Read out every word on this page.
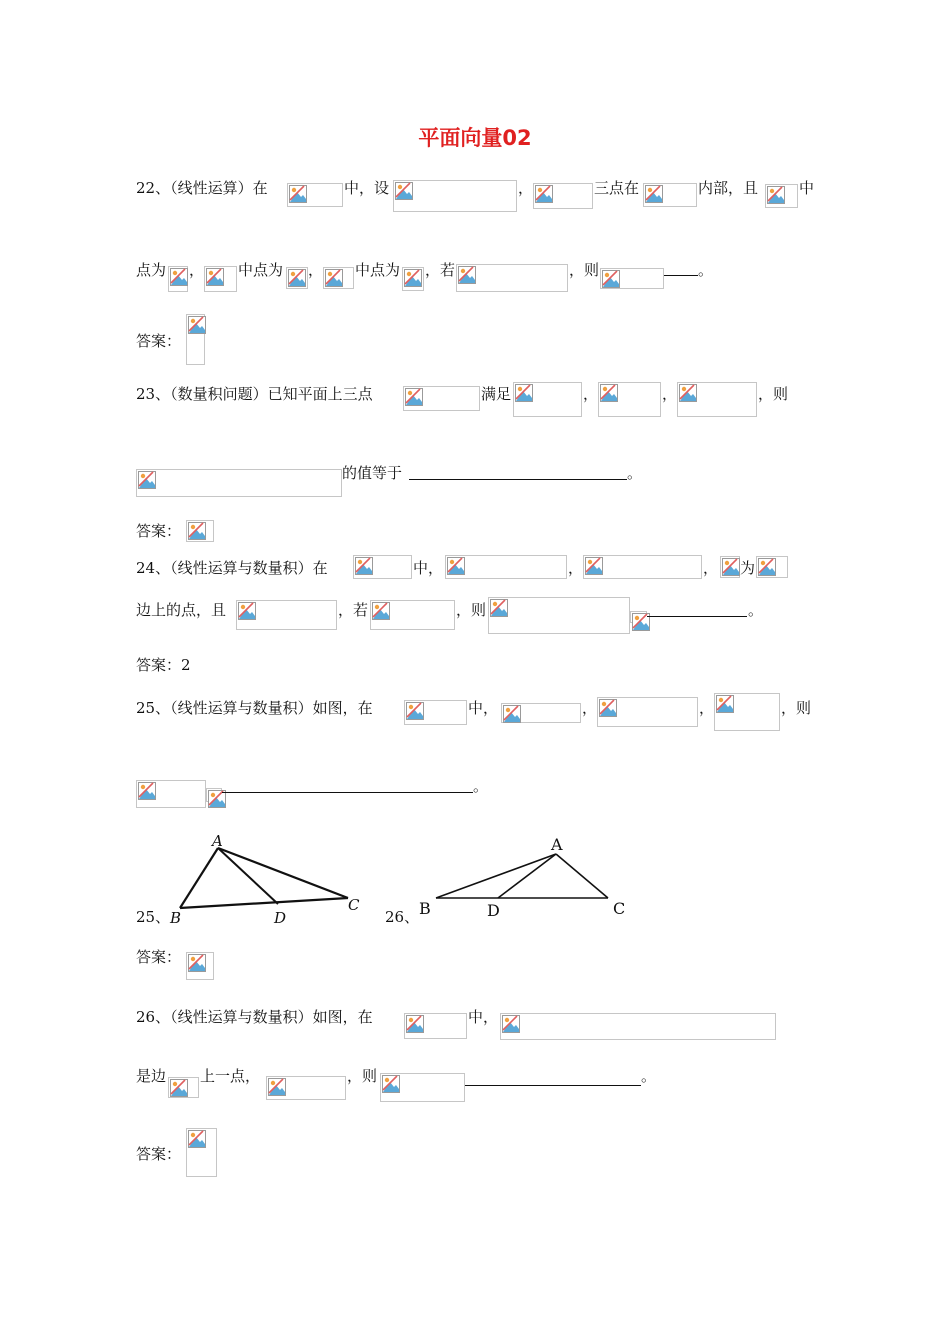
平面向量02
22、（线性运算）在	中，设	，	三点在	内部，且	中
点为 ， 中点为 ， 中点为 ，若	，则	。
答案：
23、（数量积问题）已知平面上三点	满足	，	，	，则
的值等于	。
答案：
24、（线性运算与数量积）在	中，	，	， 为
边上的点，且	，若	，则	。
答案：2
25、（线性运算与数量积）如图，在	中，	，	，	，则
。
25、
A
B	D
C
26、
A
B	D	C
答案：
26、（线性运算与数量积）如图，在	中，
是边 上一点，	，则	。
答案：
